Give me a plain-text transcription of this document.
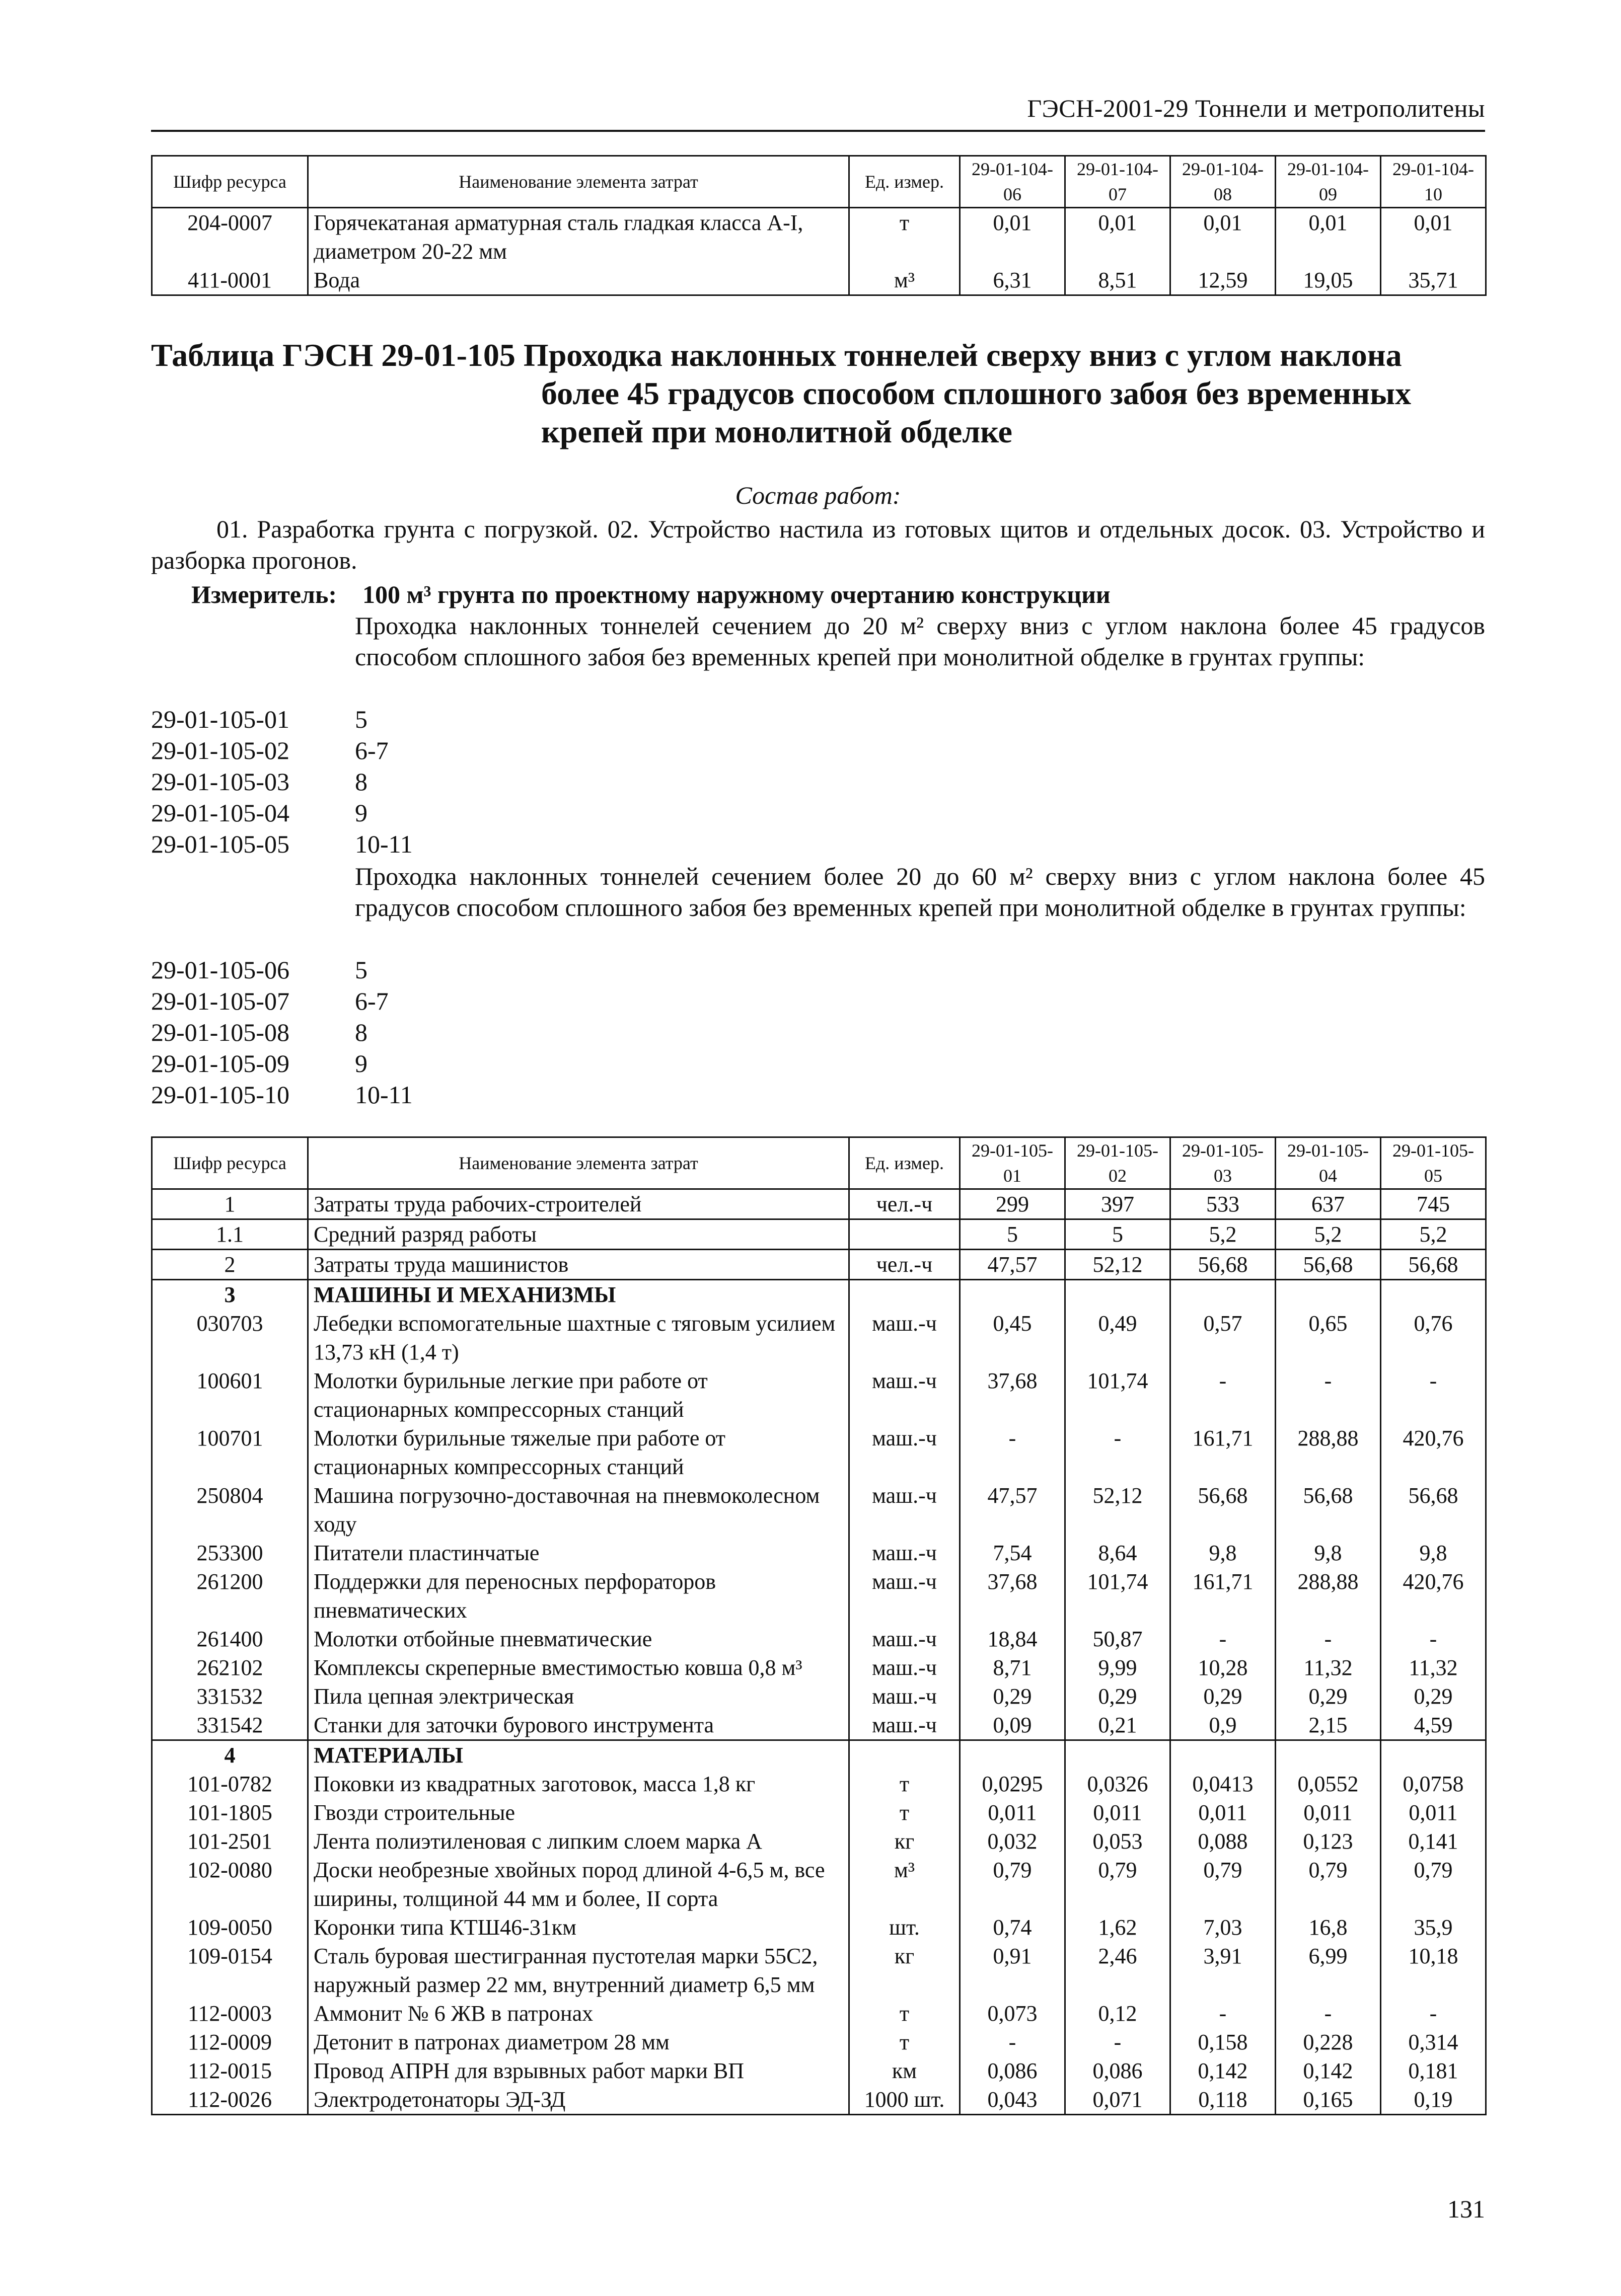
ГЭСН-2001-29 Тоннели и метрополитены
Шифр ресурса	Наименование элемента затрат	Ед. измер.	29-01-104-06	29-01-104-07	29-01-104-08	29-01-104-09	29-01-104-10
204-0007	Горячекатаная арматурная сталь гладкая класса А-I, диаметром 20-22 мм	т	0,01	0,01	0,01	0,01	0,01
411-0001	Вода	м³	6,31	8,51	12,59	19,05	35,71
Таблица ГЭСН 29-01-105 Проходка наклонных тоннелей сверху вниз с углом наклона
более 45 градусов способом сплошного забоя без временных
крепей при монолитной обделке
Состав работ:
01. Разработка грунта с погрузкой. 02. Устройство настила из готовых щитов и отдельных досок. 03. Устройство и разборка прогонов.
Измеритель: 100 м³ грунта по проектному наружному очертанию конструкции
Проходка наклонных тоннелей сечением до 20 м² сверху вниз с углом наклона более 45 градусов способом сплошного забоя без временных крепей при монолитной обделке в грунтах группы:
29-01-105-01	5
29-01-105-02	6-7
29-01-105-03	8
29-01-105-04	9
29-01-105-05	10-11
Проходка наклонных тоннелей сечением более 20 до 60 м² сверху вниз с углом наклона более 45 градусов способом сплошного забоя без временных крепей при монолитной обделке в грунтах группы:
29-01-105-06	5
29-01-105-07	6-7
29-01-105-08	8
29-01-105-09	9
29-01-105-10	10-11
Шифр ресурса	Наименование элемента затрат	Ед. измер.	29-01-105-01	29-01-105-02	29-01-105-03	29-01-105-04	29-01-105-05
1	Затраты труда рабочих-строителей	чел.-ч	299	397	533	637	745
1.1	Средний разряд работы		5	5	5,2	5,2	5,2
2	Затраты труда машинистов	чел.-ч	47,57	52,12	56,68	56,68	56,68
3	МАШИНЫ И МЕХАНИЗМЫ						
030703	Лебедки вспомогательные шахтные с тяговым усилием 13,73 кН (1,4 т)	маш.-ч	0,45	0,49	0,57	0,65	0,76
100601	Молотки бурильные легкие при работе от стационарных компрессорных станций	маш.-ч	37,68	101,74	-	-	-
100701	Молотки бурильные тяжелые при работе от стационарных компрессорных станций	маш.-ч	-	-	161,71	288,88	420,76
250804	Машина погрузочно-доставочная на пневмоколесном ходу	маш.-ч	47,57	52,12	56,68	56,68	56,68
253300	Питатели пластинчатые	маш.-ч	7,54	8,64	9,8	9,8	9,8
261200	Поддержки для переносных перфораторов пневматических	маш.-ч	37,68	101,74	161,71	288,88	420,76
261400	Молотки отбойные пневматические	маш.-ч	18,84	50,87	-	-	-
262102	Комплексы скреперные вместимостью ковша 0,8 м³	маш.-ч	8,71	9,99	10,28	11,32	11,32
331532	Пила цепная электрическая	маш.-ч	0,29	0,29	0,29	0,29	0,29
331542	Станки для заточки бурового инструмента	маш.-ч	0,09	0,21	0,9	2,15	4,59
4	МАТЕРИАЛЫ						
101-0782	Поковки из квадратных заготовок, масса 1,8 кг	т	0,0295	0,0326	0,0413	0,0552	0,0758
101-1805	Гвозди строительные	т	0,011	0,011	0,011	0,011	0,011
101-2501	Лента полиэтиленовая с липким слоем марка А	кг	0,032	0,053	0,088	0,123	0,141
102-0080	Доски необрезные хвойных пород длиной 4-6,5 м, все ширины, толщиной 44 мм и более, II сорта	м³	0,79	0,79	0,79	0,79	0,79
109-0050	Коронки типа КТШ46-31км	шт.	0,74	1,62	7,03	16,8	35,9
109-0154	Сталь буровая шестигранная пустотелая марки 55С2, наружный размер 22 мм, внутренний диаметр 6,5 мм	кг	0,91	2,46	3,91	6,99	10,18
112-0003	Аммонит № 6 ЖВ в патронах	т	0,073	0,12	-	-	-
112-0009	Детонит в патронах диаметром 28 мм	т	-	-	0,158	0,228	0,314
112-0015	Провод АПРН для взрывных работ марки ВП	км	0,086	0,086	0,142	0,142	0,181
112-0026	Электродетонаторы ЭД-ЗД	1000 шт.	0,043	0,071	0,118	0,165	0,19
131
